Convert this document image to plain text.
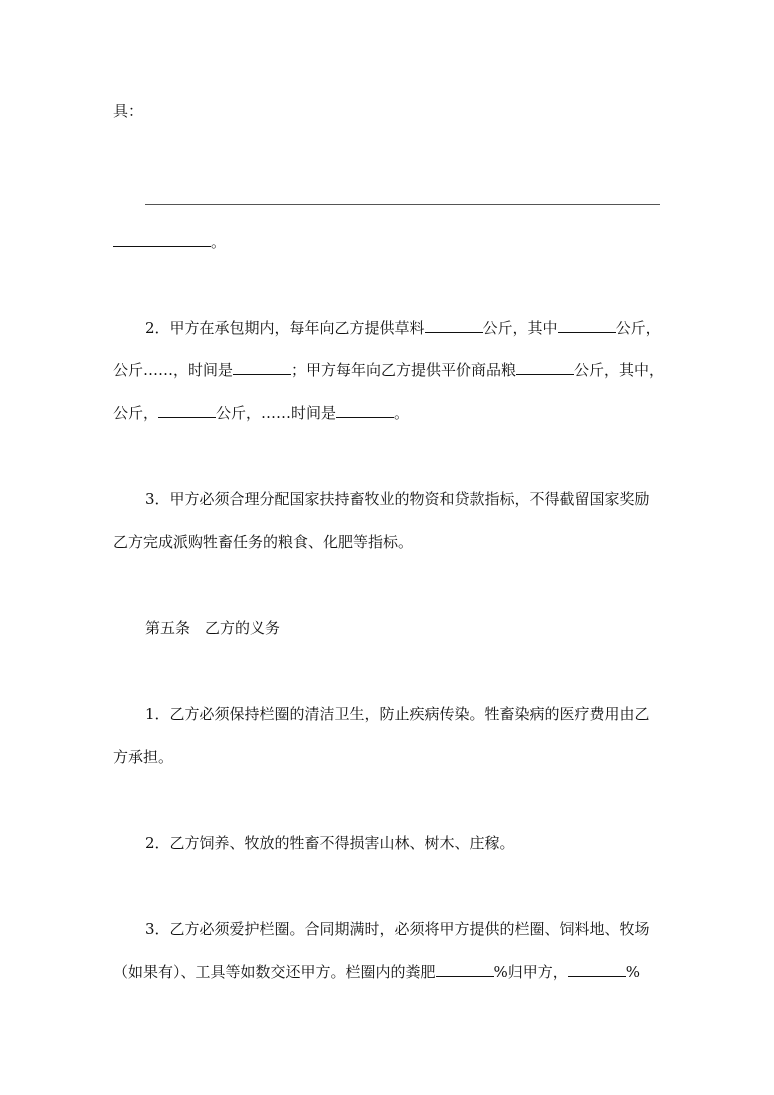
具：
。
2．甲方在承包期内，每年向乙方提供草料	公斤，其中	公斤，
公斤……，时间是	；甲方每年向乙方提供平价商品粮	公斤，其中，
公斤，	公斤，……时间是	。
3．甲方必须合理分配国家扶持畜牧业的物资和贷款指标，不得截留国家奖励
乙方完成派购牲畜任务的粮食、化肥等指标。
第五条　乙方的义务
1．乙方必须保持栏圈的清洁卫生，防止疾病传染。牲畜染病的医疗费用由乙
方承担。
2．乙方饲养、牧放的牲畜不得损害山林、树木、庄稼。
3．乙方必须爱护栏圈。合同期满时，必须将甲方提供的栏圈、饲料地、牧场
（如果有）、工具等如数交还甲方。栏圈内的粪肥	%归甲方，	%
